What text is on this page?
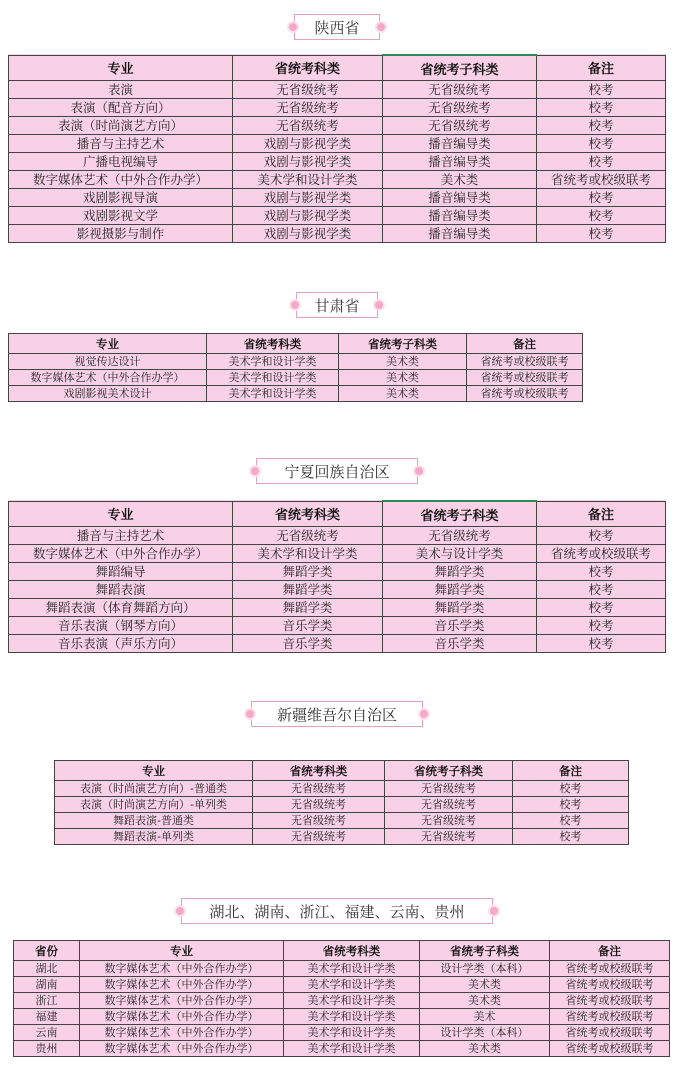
陕西省
专业	省统考科类	省统考子科类	备注
表演	无省级统考	无省级统考	校考
表演（配音方向）	无省级统考	无省级统考	校考
表演（时尚演艺方向）	无省级统考	无省级统考	校考
播音与主持艺术	戏剧与影视学类	播音编导类	校考
广播电视编导	戏剧与影视学类	播音编导类	校考
数字媒体艺术（中外合作办学）	美术学和设计学类	美术类	省统考或校级联考
戏剧影视导演	戏剧与影视学类	播音编导类	校考
戏剧影视文学	戏剧与影视学类	播音编导类	校考
影视摄影与制作	戏剧与影视学类	播音编导类	校考
甘肃省
专业	省统考科类	省统考子科类	备注
视觉传达设计	美术学和设计学类	美术类	省统考或校级联考
数字媒体艺术（中外合作办学）	美术学和设计学类	美术类	省统考或校级联考
戏剧影视美术设计	美术学和设计学类	美术类	省统考或校级联考
宁夏回族自治区
专业	省统考科类	省统考子科类	备注
播音与主持艺术	无省级统考	无省级统考	校考
数字媒体艺术（中外合作办学）	美术学和设计学类	美术与设计学类	省统考或校级联考
舞蹈编导	舞蹈学类	舞蹈学类	校考
舞蹈表演	舞蹈学类	舞蹈学类	校考
舞蹈表演（体育舞蹈方向）	舞蹈学类	舞蹈学类	校考
音乐表演（钢琴方向）	音乐学类	音乐学类	校考
音乐表演（声乐方向）	音乐学类	音乐学类	校考
新疆维吾尔自治区
专业	省统考科类	省统考子科类	备注
表演（时尚演艺方向）-普通类	无省级统考	无省级统考	校考
表演（时尚演艺方向）-单列类	无省级统考	无省级统考	校考
舞蹈表演-普通类	无省级统考	无省级统考	校考
舞蹈表演-单列类	无省级统考	无省级统考	校考
湖北、湖南、浙江、福建、云南、贵州
省份	专业	省统考科类	省统考子科类	备注
湖北	数字媒体艺术（中外合作办学）	美术学和设计学类	设计学类（本科）	省统考或校级联考
湖南	数字媒体艺术（中外合作办学）	美术学和设计学类	美术类	省统考或校级联考
浙江	数字媒体艺术（中外合作办学）	美术学和设计学类	美术类	省统考或校级联考
福建	数字媒体艺术（中外合作办学）	美术学和设计学类	美术	省统考或校级联考
云南	数字媒体艺术（中外合作办学）	美术学和设计学类	设计学类（本科）	省统考或校级联考
贵州	数字媒体艺术（中外合作办学）	美术学和设计学类	美术类	省统考或校级联考
